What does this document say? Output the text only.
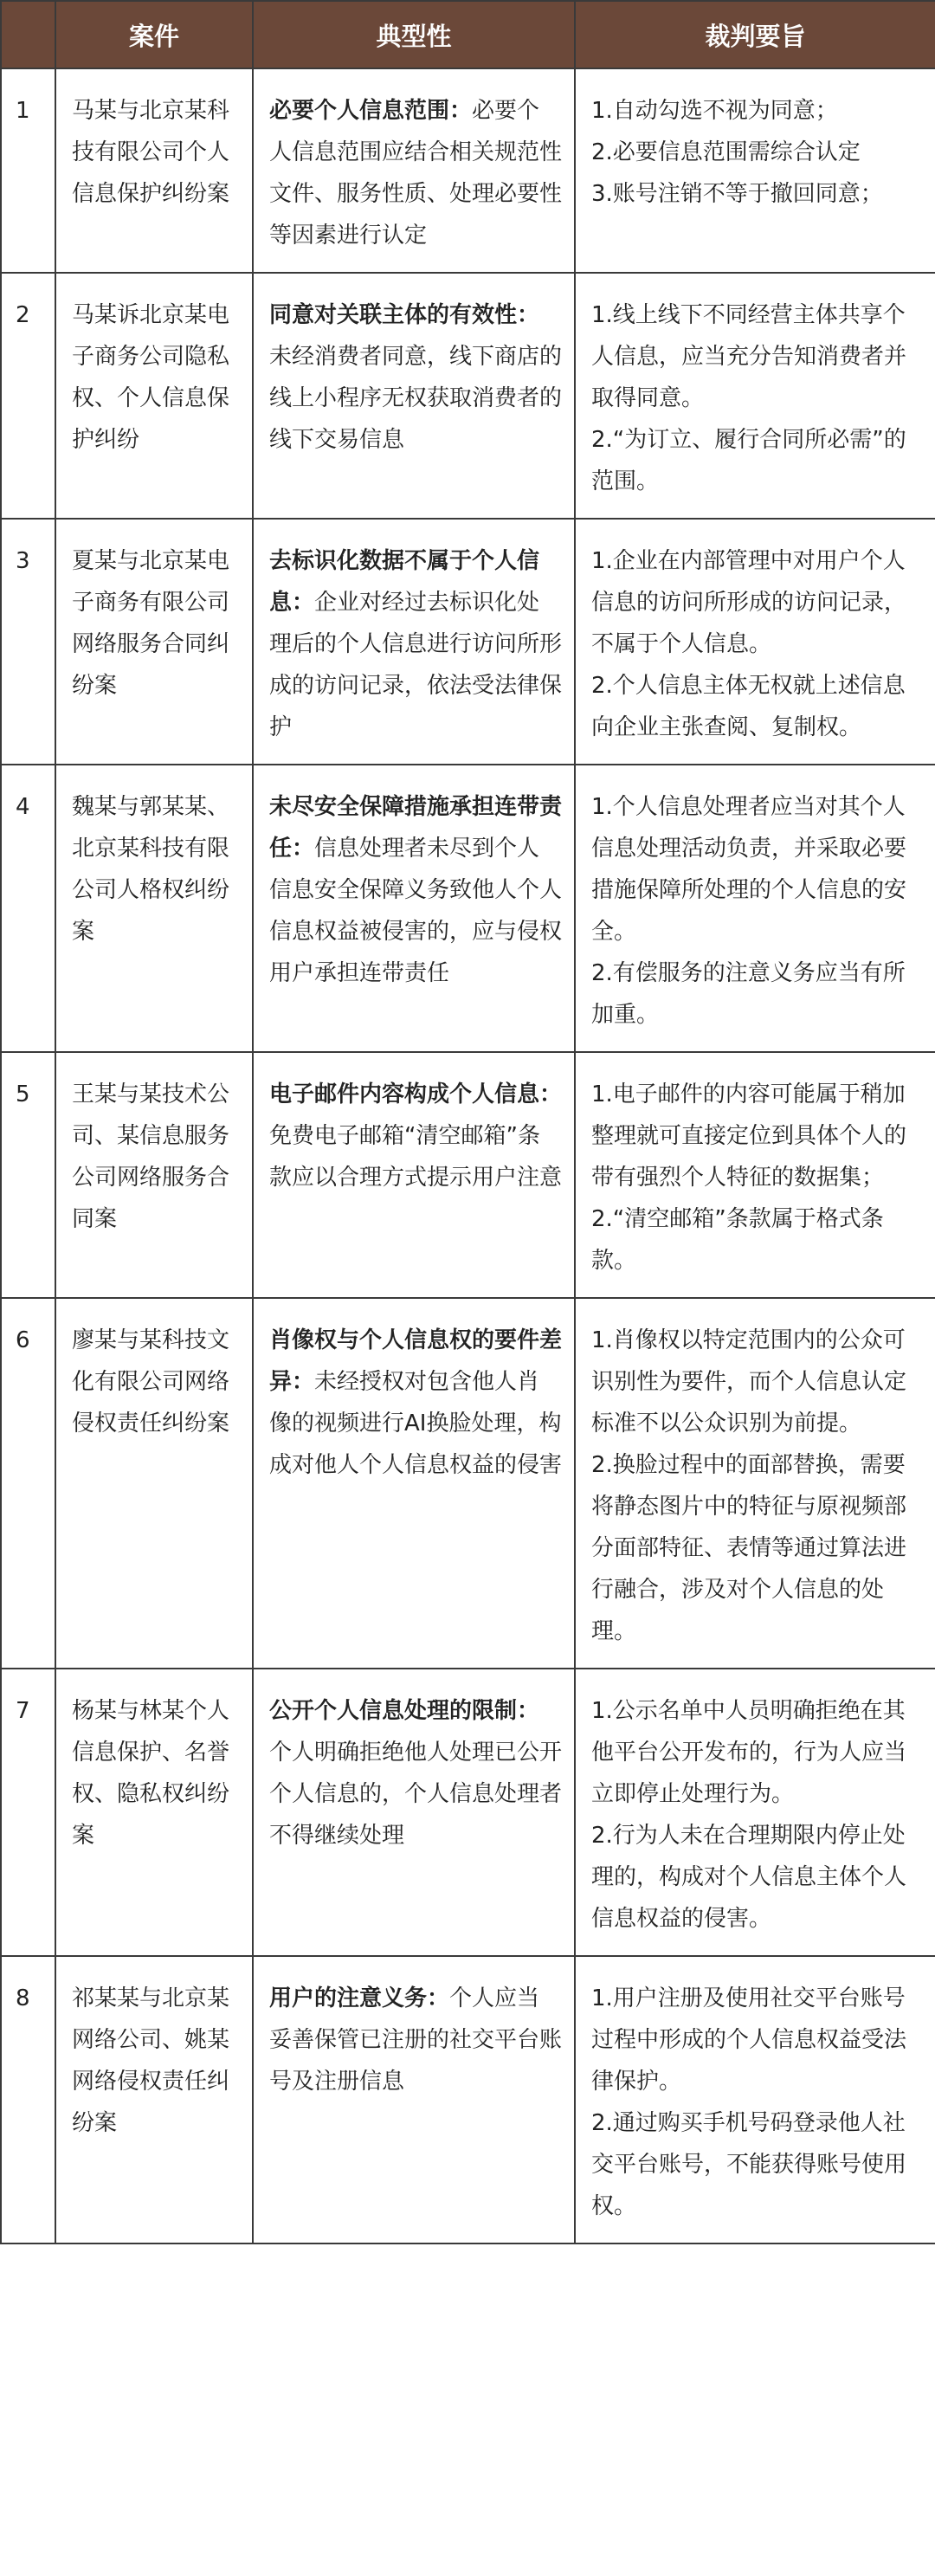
	案件	典型性	裁判要旨
1	马某与北京某科技有限公司个人信息保护纠纷案	必要个人信息范围：必要个人信息范围应结合相关规范性文件、服务性质、处理必要性等因素进行认定	1.自动勾选不视为同意；
2.必要信息范围需综合认定
3.账号注销不等于撤回同意；

2	马某诉北京某电子商务公司隐私权、个人信息保护纠纷	同意对关联主体的有效性：未经消费者同意，线下商店的线上小程序无权获取消费者的线下交易信息	1.线上线下不同经营主体共享个人信息，应当充分告知消费者并取得同意。
2.“为订立、履行合同所必需”的范围。

3	夏某与北京某电子商务有限公司网络服务合同纠纷案	去标识化数据不属于个人信息：企业对经过去标识化处理后的个人信息进行访问所形成的访问记录，依法受法律保护	1.企业在内部管理中对用户个人信息的访问所形成的访问记录，不属于个人信息。
2.个人信息主体无权就上述信息向企业主张查阅、复制权。

4	魏某与郭某某、北京某科技有限公司人格权纠纷案	未尽安全保障措施承担连带责任：信息处理者未尽到个人信息安全保障义务致他人个人信息权益被侵害的，应与侵权用户承担连带责任	1.个人信息处理者应当对其个人信息处理活动负责，并采取必要措施保障所处理的个人信息的安全。
2.有偿服务的注意义务应当有所加重。

5	王某与某技术公司、某信息服务公司网络服务合同案	电子邮件内容构成个人信息：免费电子邮箱“清空邮箱”条款应以合理方式提示用户注意	1.电子邮件的内容可能属于稍加整理就可直接定位到具体个人的带有强烈个人特征的数据集；
2.“清空邮箱”条款属于格式条款。

6	廖某与某科技文化有限公司网络侵权责任纠纷案	肖像权与个人信息权的要件差异：未经授权对包含他人肖像的视频进行AI换脸处理，构成对他人个人信息权益的侵害	1.肖像权以特定范围内的公众可识别性为要件，而个人信息认定标准不以公众识别为前提。
2.换脸过程中的面部替换，需要将静态图片中的特征与原视频部分面部特征、表情等通过算法进行融合，涉及对个人信息的处理。

7	杨某与林某个人信息保护、名誉权、隐私权纠纷案	公开个人信息处理的限制：个人明确拒绝他人处理已公开个人信息的，个人信息处理者不得继续处理	1.公示名单中人员明确拒绝在其他平台公开发布的，行为人应当立即停止处理行为。
2.行为人未在合理期限内停止处理的，构成对个人信息主体个人信息权益的侵害。

8	祁某某与北京某网络公司、姚某网络侵权责任纠纷案	用户的注意义务：个人应当妥善保管已注册的社交平台账号及注册信息	1.用户注册及使用社交平台账号过程中形成的个人信息权益受法律保护。
2.通过购买手机号码登录他人社交平台账号，不能获得账号使用权。
